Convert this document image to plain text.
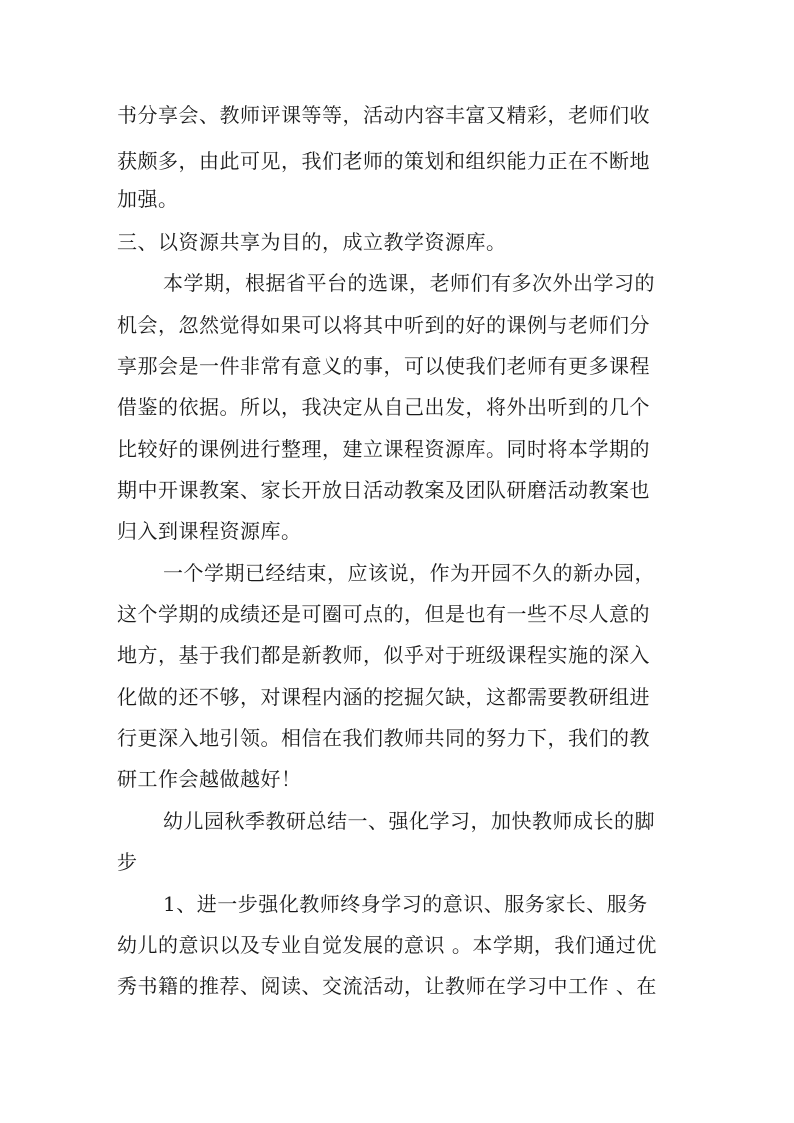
书分享会、教师评课等等，活动内容丰富又精彩，老师们收

获颇多，由此可见，我们老师的策划和组织能力正在不断地

加强。

三、以资源共享为目的，成立教学资源库。

本学期，根据省平台的选课，老师们有多次外出学习的

机会，忽然觉得如果可以将其中听到的好的课例与老师们分

享那会是一件非常有意义的事，可以使我们老师有更多课程

借鉴的依据。所以，我决定从自己出发，将外出听到的几个

比较好的课例进行整理，建立课程资源库。同时将本学期的

期中开课教案、家长开放日活动教案及团队研磨活动教案也

归入到课程资源库。

一个学期已经结束，应该说，作为开园不久的新办园，

这个学期的成绩还是可圈可点的，但是也有一些不尽人意的

地方，基于我们都是新教师，似乎对于班级课程实施的深入

化做的还不够，对课程内涵的挖掘欠缺，这都需要教研组进

行更深入地引领。相信在我们教师共同的努力下，我们的教

研工作会越做越好！

幼儿园秋季教研总结一、强化学习，加快教师成长的脚

步

1、进一步强化教师终身学习的意识、服务家长、服务

幼儿的意识以及专业自觉发展的意识 。本学期，我们通过优

秀书籍的推荐、阅读、交流活动，让教师在学习中工作 、在
